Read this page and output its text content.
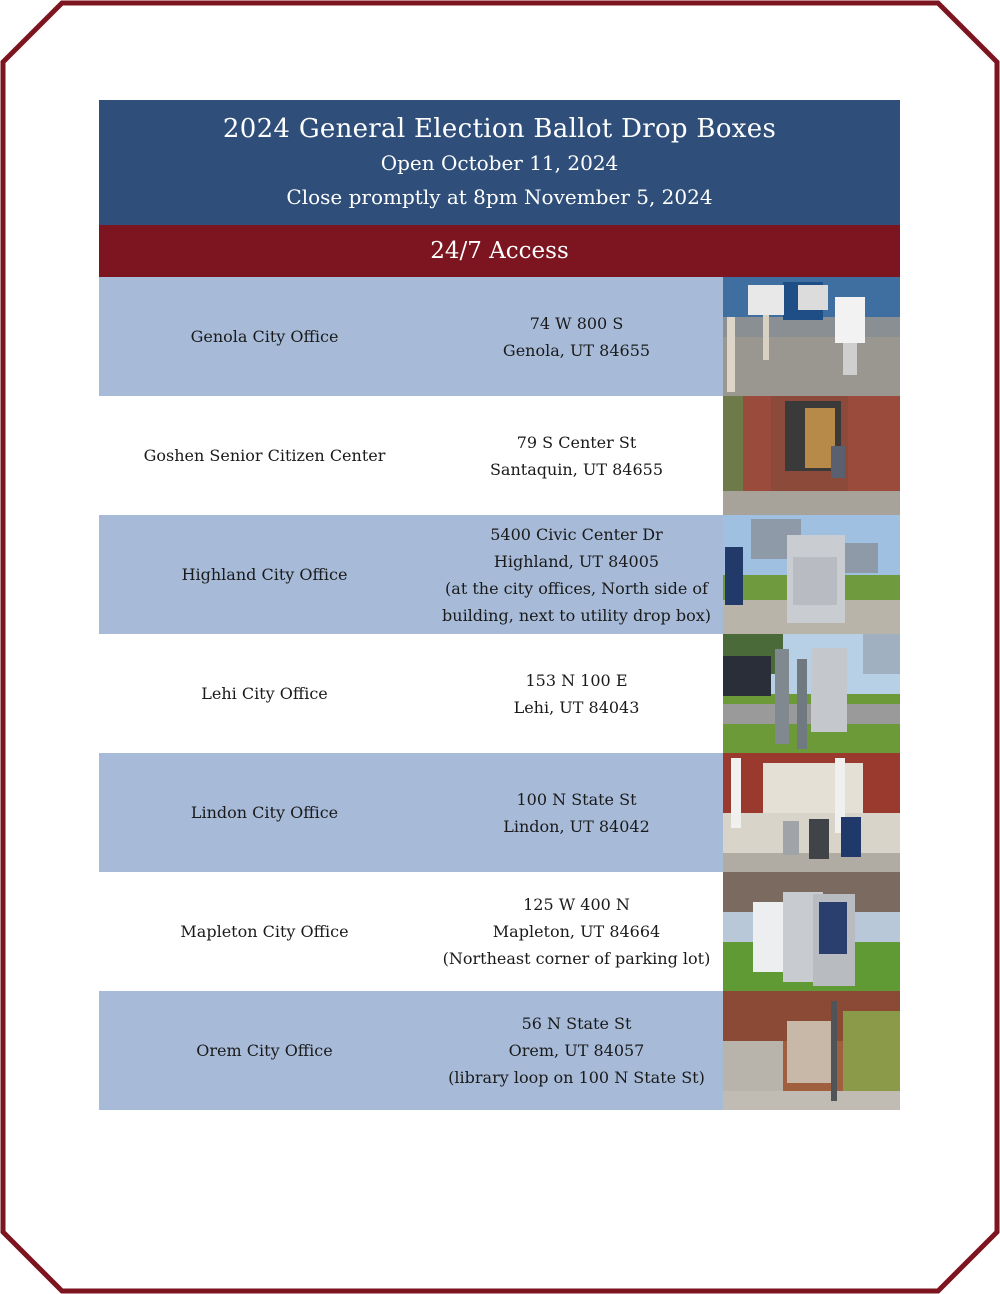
2024 General Election Ballot Drop Boxes
Open October 11, 2024
Close promptly at 8pm November 5, 2024
24/7 Access
Genola City Office
74 W 800 S
Genola, UT 84655
Goshen Senior Citizen Center
79 S Center St
Santaquin, UT 84655
Highland City Office
5400 Civic Center Dr
Highland, UT 84005
(at the city offices, North side of
building, next to utility drop box)
Lehi City Office
153 N 100 E
Lehi, UT 84043
Lindon City Office
100 N State St
Lindon, UT 84042
Mapleton City Office
125 W 400 N
Mapleton, UT 84664
(Northeast corner of parking lot)
Orem City Office
56 N State St
Orem, UT 84057
(library loop on 100 N State St)
